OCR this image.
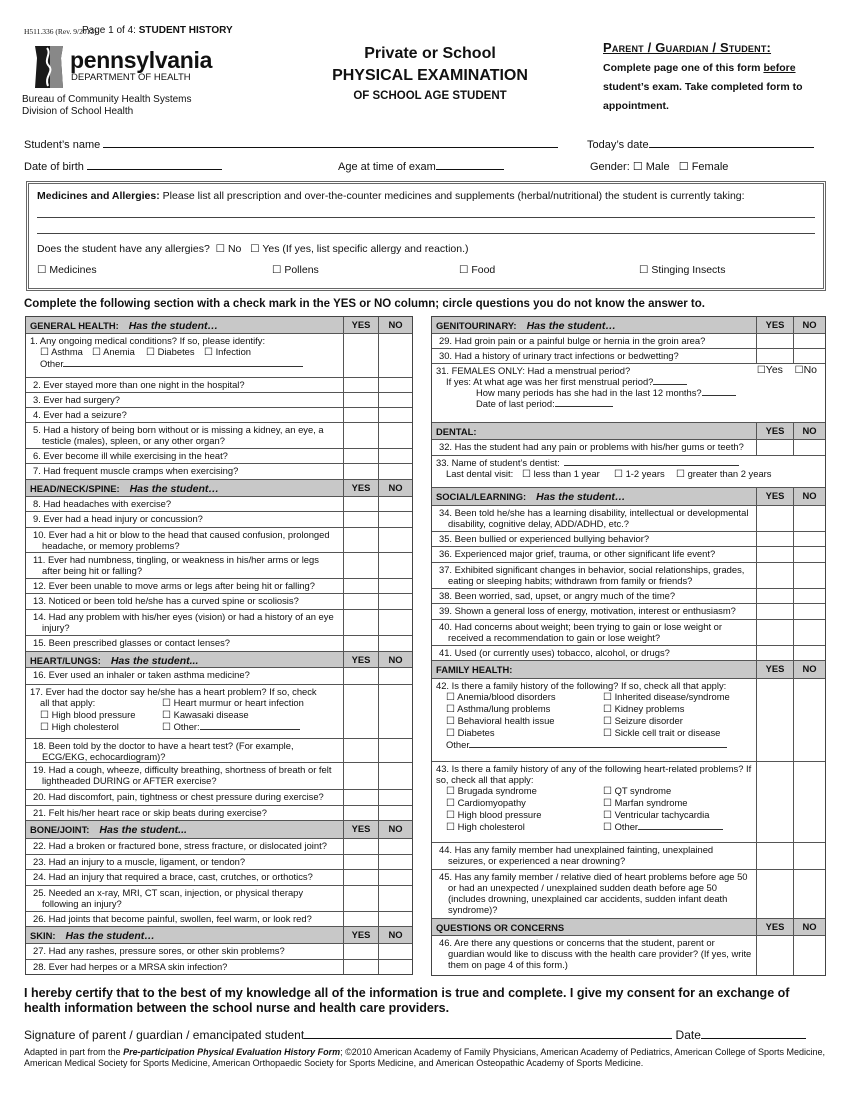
H511.336 (Rev. 9/2012)
Page 1 of 4: STUDENT HISTORY
pennsylvania
DEPARTMENT OF HEALTH
Bureau of Community Health Systems
Division of School Health
Private or School
PHYSICAL EXAMINATION
OF SCHOOL AGE STUDENT
Parent / Guardian / Student:
Complete page one of this form before student’s exam. Take completed form to appointment.
Student’s name	Today’s date
Date of birth	Age at time of exam	Gender: ☐ Male ☐ Female
Medicines and Allergies: Please list all prescription and over-the-counter medicines and supplements (herbal/nutritional) the student is currently taking:
Does the student have any allergies? ☐ No ☐ Yes (If yes, list specific allergy and reaction.)
☐ Medicines	☐ Pollens	☐ Food	☐ Stinging Insects
Complete the following section with a check mark in the YES or NO column; circle questions you do not know the answer to.
GENERAL HEALTH: Has the student…	YES	NO
1. Any ongoing medical conditions? If so, please identify:
☐ Asthma ☐ Anemia	☐ Diabetes ☐ Infection
Other
2. Ever stayed more than one night in the hospital?
3. Ever had surgery?
4. Ever had a seizure?
5. Had a history of being born without or is missing a kidney, an eye, a testicle (males), spleen, or any other organ?
6. Ever become ill while exercising in the heat?
7. Had frequent muscle cramps when exercising?
HEAD/NECK/SPINE: Has the student…	YES	NO
8. Had headaches with exercise?
9. Ever had a head injury or concussion?
10. Ever had a hit or blow to the head that caused confusion, prolonged headache, or memory problems?
11. Ever had numbness, tingling, or weakness in his/her arms or legs after being hit or falling?
12. Ever been unable to move arms or legs after being hit or falling?
13. Noticed or been told he/she has a curved spine or scoliosis?
14. Had any problem with his/her eyes (vision) or had a history of an eye injury?
15. Been prescribed glasses or contact lenses?
HEART/LUNGS: Has the student...	YES	NO
16. Ever used an inhaler or taken asthma medicine?
17. Ever had the doctor say he/she has a heart problem? If so, check
all that apply:	☐ Heart murmur or heart infection
☐ High blood pressure	☐ Kawasaki disease
☐ High cholesterol	☐ Other:
18. Been told by the doctor to have a heart test? (For example, ECG/EKG, echocardiogram)?
19. Had a cough, wheeze, difficulty breathing, shortness of breath or felt lightheaded DURING or AFTER exercise?
20. Had discomfort, pain, tightness or chest pressure during exercise?
21. Felt his/her heart race or skip beats during exercise?
BONE/JOINT: Has the student...	YES	NO
22. Had a broken or fractured bone, stress fracture, or dislocated joint?
23. Had an injury to a muscle, ligament, or tendon?
24. Had an injury that required a brace, cast, crutches, or orthotics?
25. Needed an x-ray, MRI, CT scan, injection, or physical therapy following an injury?
26. Had joints that become painful, swollen, feel warm, or look red?
SKIN: Has the student…	YES	NO
27. Had any rashes, pressure sores, or other skin problems?
28. Ever had herpes or a MRSA skin infection?
GENITOURINARY: Has the student…	YES	NO
29. Had groin pain or a painful bulge or hernia in the groin area?
30. Had a history of urinary tract infections or bedwetting?
31. FEMALES ONLY: Had a menstrual period?	☐Yes ☐No
If yes: At what age was her first menstrual period?
How many periods has she had in the last 12 months?
Date of last period:
DENTAL:	YES	NO
32. Has the student had any pain or problems with his/her gums or teeth?
33. Name of student’s dentist:
Last dental visit: ☐ less than 1 year	☐ 1-2 years	☐ greater than 2 years
SOCIAL/LEARNING: Has the student…	YES	NO
34. Been told he/she has a learning disability, intellectual or developmental disability, cognitive delay, ADD/ADHD, etc.?
35. Been bullied or experienced bullying behavior?
36. Experienced major grief, trauma, or other significant life event?
37. Exhibited significant changes in behavior, social relationships, grades, eating or sleeping habits; withdrawn from family or friends?
38. Been worried, sad, upset, or angry much of the time?
39. Shown a general loss of energy, motivation, interest or enthusiasm?
40. Had concerns about weight; been trying to gain or lose weight or received a recommendation to gain or lose weight?
41. Used (or currently uses) tobacco, alcohol, or drugs?
FAMILY HEALTH:	YES	NO
42. Is there a family history of the following? If so, check all that apply:
☐ Anemia/blood disorders	☐ Inherited disease/syndrome
☐ Asthma/lung problems	☐ Kidney problems
☐ Behavioral health issue	☐ Seizure disorder
☐ Diabetes	☐ Sickle cell trait or disease
Other
43. Is there a family history of any of the following heart-related problems? If so, check all that apply:
☐ Brugada syndrome	☐ QT syndrome
☐ Cardiomyopathy	☐ Marfan syndrome
☐ High blood pressure	☐ Ventricular tachycardia
☐ High cholesterol	☐ Other
44. Has any family member had unexplained fainting, unexplained seizures, or experienced a near drowning?
45. Has any family member / relative died of heart problems before age 50 or had an unexpected / unexplained sudden death before age 50 (includes drowning, unexplained car accidents, sudden infant death syndrome)?
QUESTIONS OR CONCERNS	YES	NO
46. Are there any questions or concerns that the student, parent or guardian would like to discuss with the health care provider? (If yes, write them on page 4 of this form.)
I hereby certify that to the best of my knowledge all of the information is true and complete. I give my consent for an exchange of health information between the school nurse and health care providers.
Signature of parent / guardian / emancipated student	Date
Adapted in part from the Pre-participation Physical Evaluation History Form; ©2010 American Academy of Family Physicians, American Academy of Pediatrics, American College of Sports Medicine, American Medical Society for Sports Medicine, American Orthopaedic Society for Sports Medicine, and American Osteopathic Academy of Sports Medicine.
